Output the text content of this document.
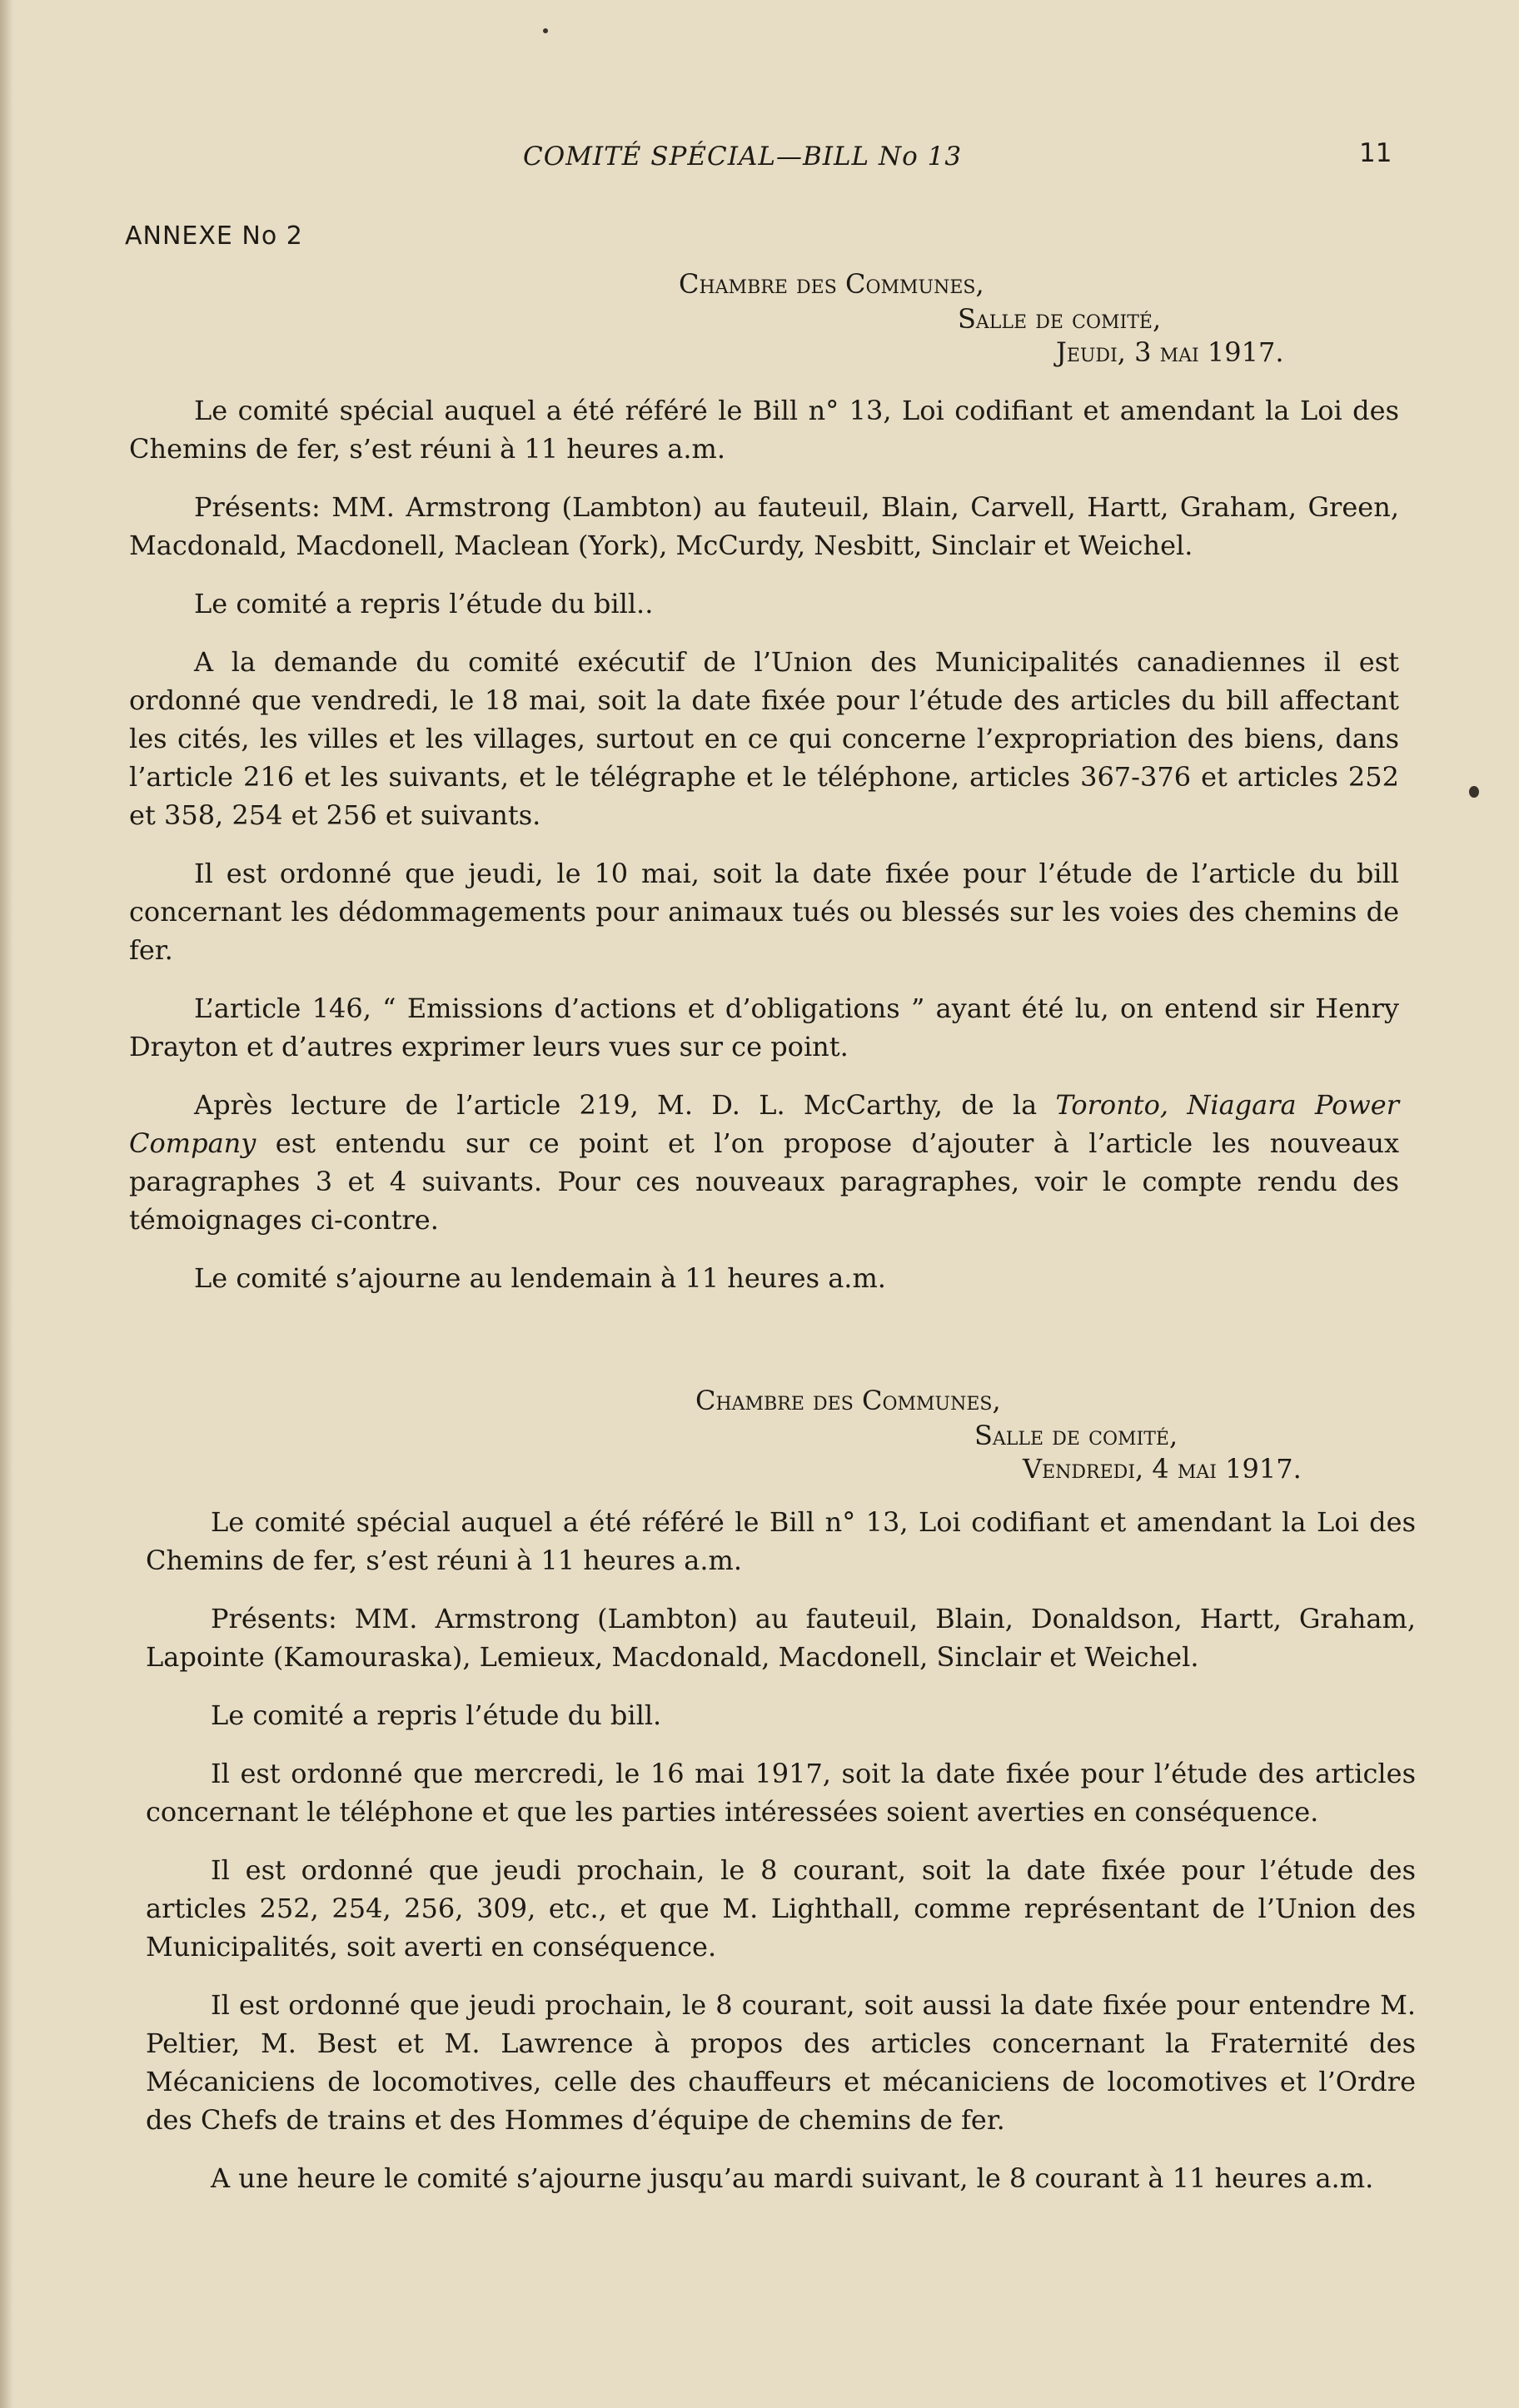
COMITÉ SPÉCIAL—BILL No 13	11
ANNEXE No 2
Chambre des Communes,
Salle de comité,
Jeudi, 3 mai 1917.

Le comité spécial auquel a été référé le Bill n° 13, Loi codifiant et amendant la Loi des Chemins de fer, s’est réuni à 11 heures a.m.

Présents: MM. Armstrong (Lambton) au fauteuil, Blain, Carvell, Hartt, Graham, Green, Macdonald, Macdonell, Maclean (York), McCurdy, Nesbitt, Sinclair et Weichel.

Le comité a repris l’étude du bill..

A la demande du comité exécutif de l’Union des Municipalités canadiennes il est ordonné que vendredi, le 18 mai, soit la date fixée pour l’étude des articles du bill affectant les cités, les villes et les villages, surtout en ce qui concerne l’expropriation des biens, dans l’article 216 et les suivants, et le télégraphe et le téléphone, articles 367-376 et articles 252 et 358, 254 et 256 et suivants.

Il est ordonné que jeudi, le 10 mai, soit la date fixée pour l’étude de l’article du bill concernant les dédommagements pour animaux tués ou blessés sur les voies des chemins de fer.

L’article 146, “ Emissions d’actions et d’obligations ” ayant été lu, on entend sir Henry Drayton et d’autres exprimer leurs vues sur ce point.

Après lecture de l’article 219, M. D. L. McCarthy, de la Toronto, Niagara Power Company est entendu sur ce point et l’on propose d’ajouter à l’article les nouveaux paragraphes 3 et 4 suivants. Pour ces nouveaux paragraphes, voir le compte rendu des témoignages ci-contre.

Le comité s’ajourne au lendemain à 11 heures a.m.

Chambre des Communes,
Salle de comité,
Vendredi, 4 mai 1917.

Le comité spécial auquel a été référé le Bill n° 13, Loi codifiant et amendant la Loi des Chemins de fer, s’est réuni à 11 heures a.m.

Présents: MM. Armstrong (Lambton) au fauteuil, Blain, Donaldson, Hartt, Graham, Lapointe (Kamouraska), Lemieux, Macdonald, Macdonell, Sinclair et Weichel.

Le comité a repris l’étude du bill.

Il est ordonné que mercredi, le 16 mai 1917, soit la date fixée pour l’étude des articles concernant le téléphone et que les parties intéressées soient averties en conséquence.

Il est ordonné que jeudi prochain, le 8 courant, soit la date fixée pour l’étude des articles 252, 254, 256, 309, etc., et que M. Lighthall, comme représentant de l’Union des Municipalités, soit averti en conséquence.

Il est ordonné que jeudi prochain, le 8 courant, soit aussi la date fixée pour entendre M. Peltier, M. Best et M. Lawrence à propos des articles concernant la Fraternité des Mécaniciens de locomotives, celle des chauffeurs et mécaniciens de locomotives et l’Ordre des Chefs de trains et des Hommes d’équipe de chemins de fer.

A une heure le comité s’ajourne jusqu’au mardi suivant, le 8 courant à 11 heures a.m.
